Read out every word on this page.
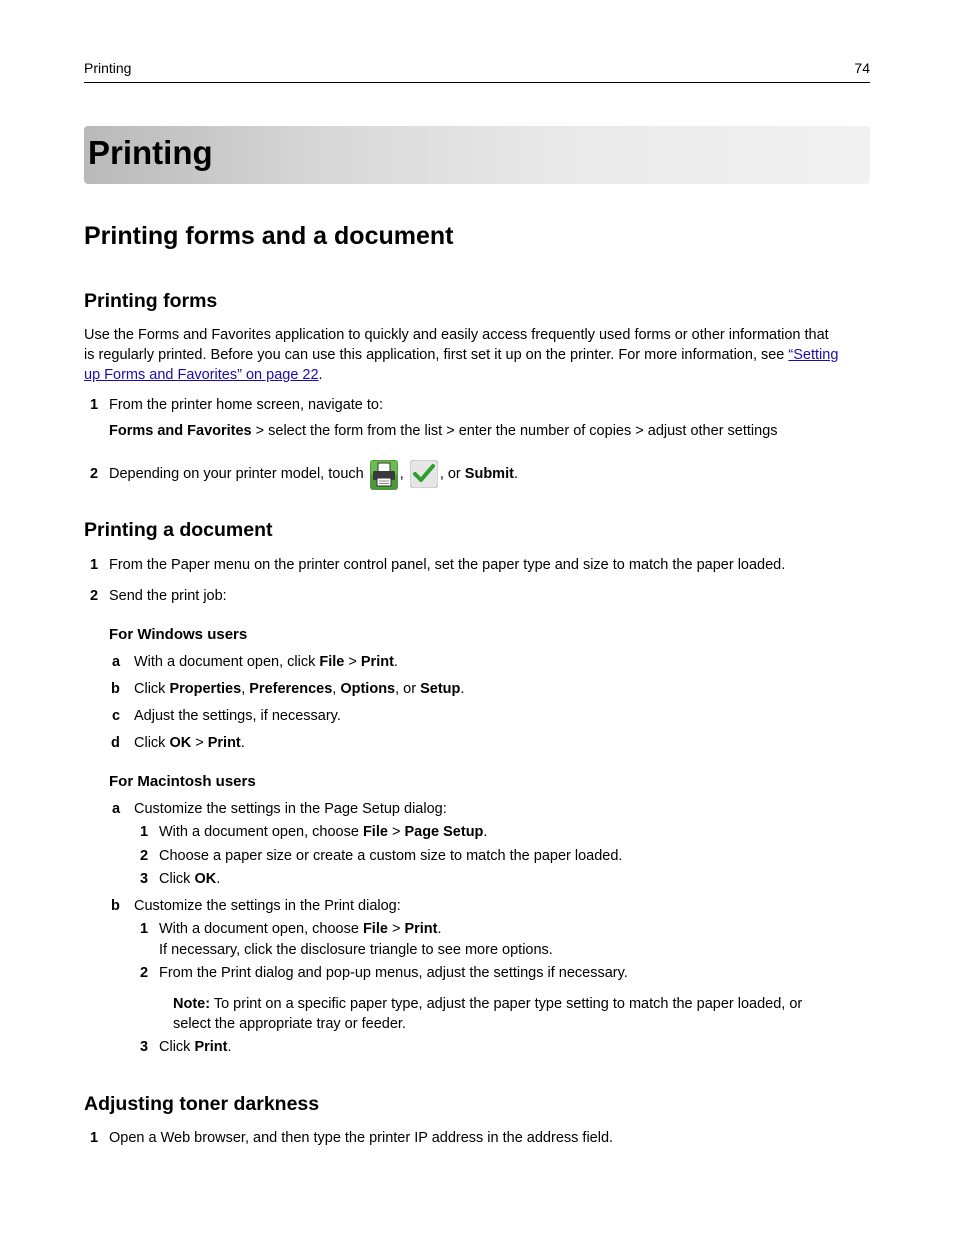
Printing	74
Printing
Printing forms and a document
Printing forms
Use the Forms and Favorites application to quickly and easily access frequently used forms or other information that
is regularly printed. Before you can use this application, first set it up on the printer. For more information, see “Setting
up Forms and Favorites” on page 22.
1 From the printer home screen, navigate to:
Forms and Favorites > select the form from the list > enter the number of copies > adjust other settings
2 Depending on your printer model, touch , , or Submit.
Printing a document
1 From the Paper menu on the printer control panel, set the paper type and size to match the paper loaded.
2 Send the print job:
For Windows users
a With a document open, click File > Print.
b Click Properties, Preferences, Options, or Setup.
c Adjust the settings, if necessary.
d Click OK > Print.
For Macintosh users
a Customize the settings in the Page Setup dialog:
1 With a document open, choose File > Page Setup.
2 Choose a paper size or create a custom size to match the paper loaded.
3 Click OK.
b Customize the settings in the Print dialog:
1 With a document open, choose File > Print.
If necessary, click the disclosure triangle to see more options.
2 From the Print dialog and pop-up menus, adjust the settings if necessary.
Note: To print on a specific paper type, adjust the paper type setting to match the paper loaded, or
select the appropriate tray or feeder.
3 Click Print.
Adjusting toner darkness
1 Open a Web browser, and then type the printer IP address in the address field.
